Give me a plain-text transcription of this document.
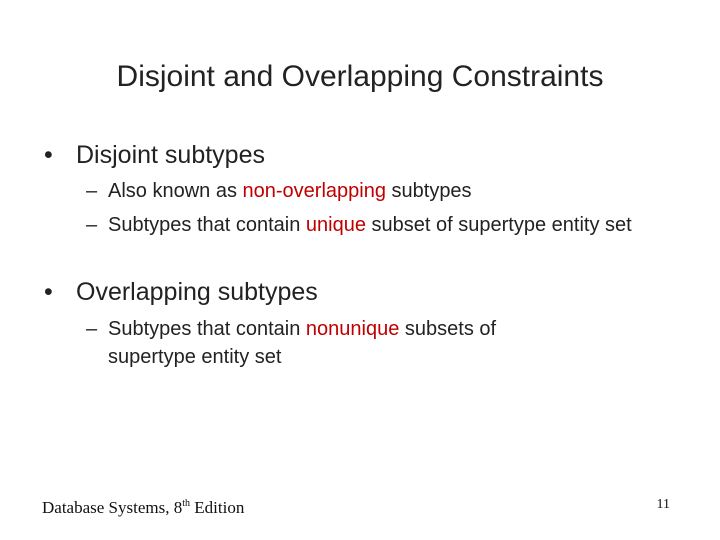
Disjoint and Overlapping Constraints
• Disjoint subtypes
– Also known as non-overlapping subtypes
– Subtypes that contain unique subset of supertype entity set
• Overlapping subtypes
– Subtypes that contain nonunique subsets of supertype entity set
Database Systems, 8th Edition	11
